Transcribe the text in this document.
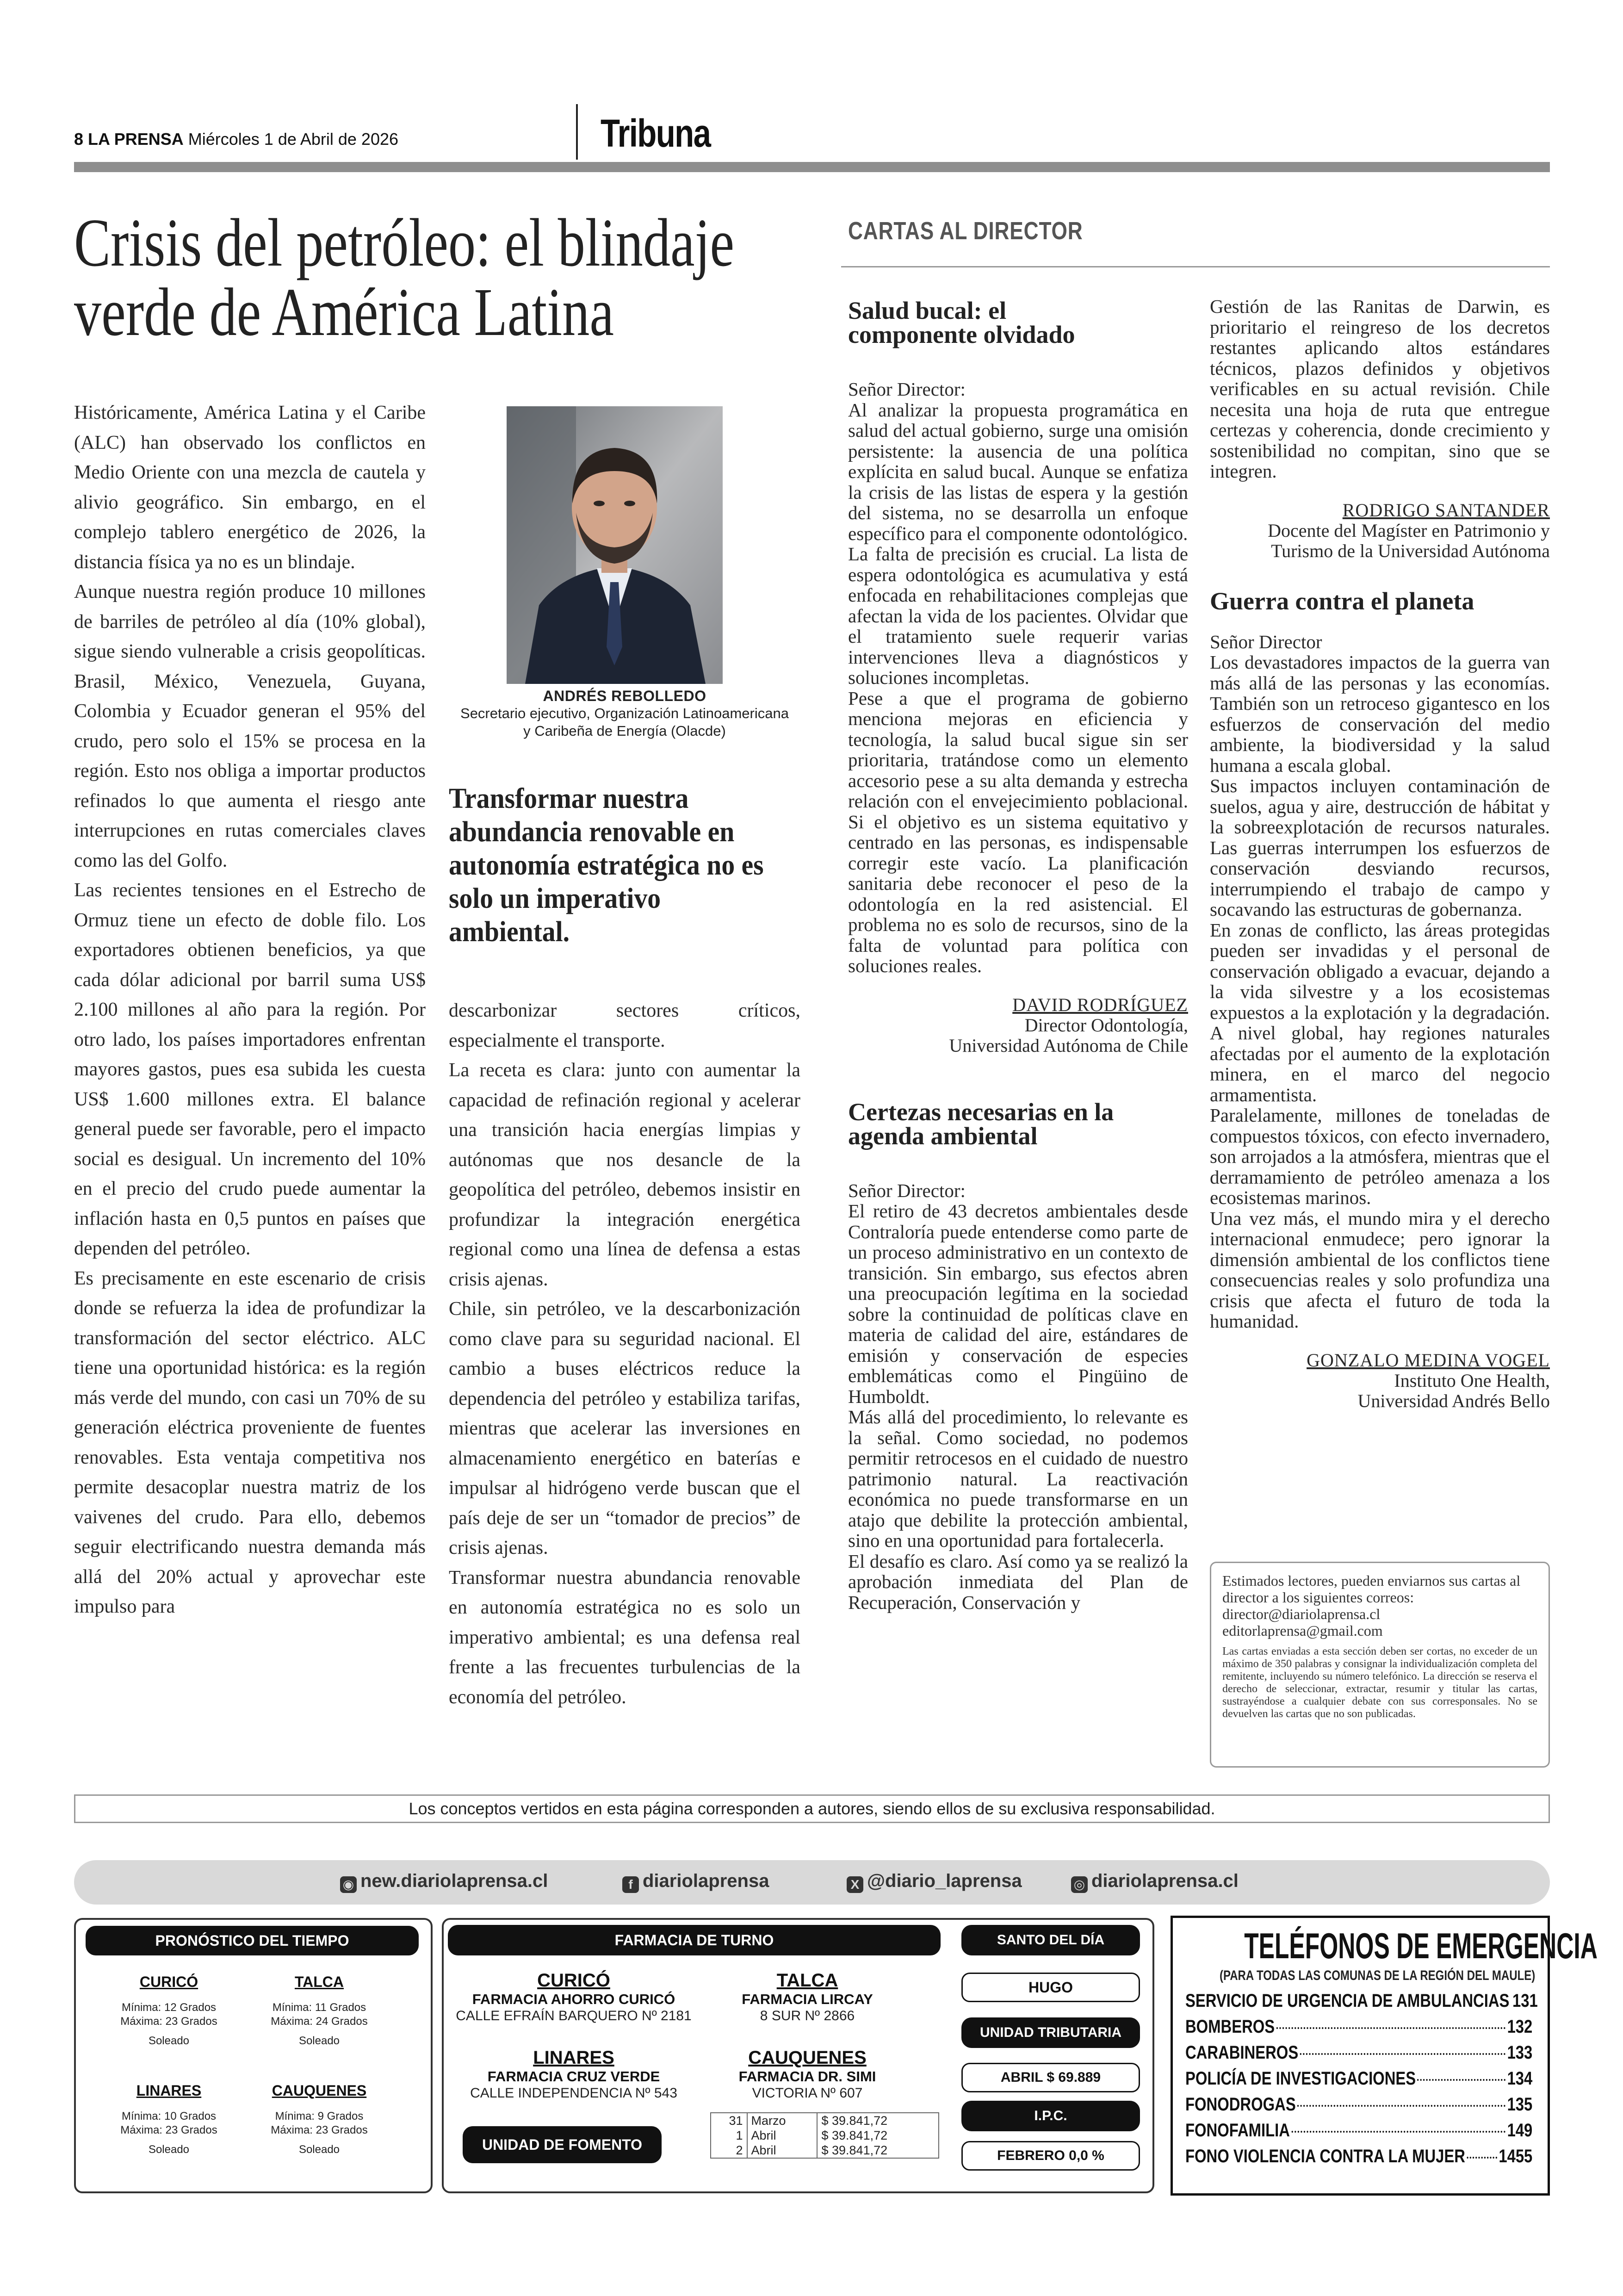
8 LA PRENSA Miércoles 1 de Abril de 2026	Tribuna
Crisis del petróleo: el blindaje
verde de América Latina

Históricamente, América Latina y el Caribe (ALC) han observado los conflictos en Medio Oriente con una mezcla de cautela y alivio geográfico. Sin embargo, en el complejo tablero energético de 2026, la distancia física ya no es un blindaje.

Aunque nuestra región produce 10 millones de barriles de petróleo al día (10% global), sigue siendo vulnerable a crisis geopolíticas. Brasil, México, Venezuela, Guyana, Colombia y Ecuador generan el 95% del crudo, pero solo el 15% se procesa en la región. Esto nos obliga a importar productos refinados lo que aumenta el riesgo ante interrupciones en rutas comerciales claves como las del Golfo.

Las recientes tensiones en el Estrecho de Ormuz tiene un efecto de doble filo. Los exportadores obtienen beneficios, ya que cada dólar adicional por barril suma US$ 2.100 millones al año para la región. Por otro lado, los países importadores enfrentan mayores gastos, pues esa subida les cuesta US$ 1.600 millones extra. El balance general puede ser favorable, pero el impacto social es desigual. Un incremento del 10% en el precio del crudo puede aumentar la inflación hasta en 0,5 puntos en países que dependen del petróleo.

Es precisamente en este escenario de crisis donde se refuerza la idea de profundizar la transformación del sector eléctrico. ALC tiene una oportunidad histórica: es la región más verde del mundo, con casi un 70% de su generación eléctrica proveniente de fuentes renovables. Esta ventaja competitiva nos permite desacoplar nuestra matriz de los vaivenes del crudo. Para ello, debemos seguir electrificando nuestra demanda más allá del 20% actual y aprovechar este impulso para

ANDRÉS REBOLLEDO
Secretario ejecutivo, Organización Latinoamericana
y Caribeña de Energía (Olacde)
Transformar nuestra abundancia renovable en autonomía estratégica no es solo un imperativo ambiental.

descarbonizar sectores críticos, especialmente el transporte.

La receta es clara: junto con aumentar la capacidad de refinación regional y acelerar una transición hacia energías limpias y autónomas que nos desancle de la geopolítica del petróleo, debemos insistir en profundizar la integración energética regional como una línea de defensa a estas crisis ajenas.

Chile, sin petróleo, ve la descarbonización como clave para su seguridad nacional. El cambio a buses eléctricos reduce la dependencia del petróleo y estabiliza tarifas, mientras que acelerar las inversiones en almacenamiento energético en baterías e impulsar al hidrógeno verde buscan que el país deje de ser un “tomador de precios” de crisis ajenas.

Transformar nuestra abundancia renovable en autonomía estratégica no es solo un imperativo ambiental; es una defensa real frente a las frecuentes turbulencias de la economía del petróleo.

CARTAS AL DIRECTOR
Salud bucal: el componente olvidado

Señor Director:

Al analizar la propuesta programática en salud del actual gobierno, surge una omisión persistente: la ausencia de una política explícita en salud bucal. Aunque se enfatiza la crisis de las listas de espera y la gestión del sistema, no se desarrolla un enfoque específico para el componente odontológico.

La falta de precisión es crucial. La lista de espera odontológica es acumulativa y está enfocada en rehabilitaciones complejas que afectan la vida de los pacientes. Olvidar que el tratamiento suele requerir varias intervenciones lleva a diagnósticos y soluciones incompletas.

Pese a que el programa de gobierno menciona mejoras en eficiencia y tecnología, la salud bucal sigue sin ser prioritaria, tratándose como un elemento accesorio pese a su alta demanda y estrecha relación con el envejecimiento poblacional. Si el objetivo es un sistema equitativo y centrado en las personas, es indispensable corregir este vacío. La planificación sanitaria debe reconocer el peso de la odontología en la red asistencial. El problema no es solo de recursos, sino de la falta de voluntad para política con soluciones reales.

DAVID RODRÍGUEZ
Director Odontología,
Universidad Autónoma de Chile
Certezas necesarias en la agenda ambiental

Señor Director:

El retiro de 43 decretos ambientales desde Contraloría puede entenderse como parte de un proceso administrativo en un contexto de transición. Sin embargo, sus efectos abren una preocupación legítima en la sociedad sobre la continuidad de políticas clave en materia de calidad del aire, estándares de emisión y conservación de especies emblemáticas como el Pingüino de Humboldt.

Más allá del procedimiento, lo relevante es la señal. Como sociedad, no podemos permitir retrocesos en el cuidado de nuestro patrimonio natural. La reactivación económica no puede transformarse en un atajo que debilite la protección ambiental, sino en una oportunidad para fortalecerla.

El desafío es claro. Así como ya se realizó la aprobación inmediata del Plan de Recuperación, Conservación y

Gestión de las Ranitas de Darwin, es prioritario el reingreso de los decretos restantes aplicando altos estándares técnicos, plazos definidos y objetivos verificables en su actual revisión. Chile necesita una hoja de ruta que entregue certezas y coherencia, donde crecimiento y sostenibilidad no compitan, sino que se integren.

RODRIGO SANTANDER
Docente del Magíster en Patrimonio y
Turismo de la Universidad Autónoma
Guerra contra el planeta

Señor Director

Los devastadores impactos de la guerra van más allá de las personas y las economías. También son un retroceso gigantesco en los esfuerzos de conservación del medio ambiente, la biodiversidad y la salud humana a escala global.

Sus impactos incluyen contaminación de suelos, agua y aire, destrucción de hábitat y la sobreexplotación de recursos naturales. Las guerras interrumpen los esfuerzos de conservación desviando recursos, interrumpiendo el trabajo de campo y socavando las estructuras de gobernanza.

En zonas de conflicto, las áreas protegidas pueden ser invadidas y el personal de conservación obligado a evacuar, dejando a la vida silvestre y a los ecosistemas expuestos a la explotación y la degradación. A nivel global, hay regiones naturales afectadas por el aumento de la explotación minera, en el marco del negocio armamentista.

Paralelamente, millones de toneladas de compuestos tóxicos, con efecto invernadero, son arrojados a la atmósfera, mientras que el derramamiento de petróleo amenaza a los ecosistemas marinos.

Una vez más, el mundo mira y el derecho internacional enmudece; pero ignorar la dimensión ambiental de los conflictos tiene consecuencias reales y solo profundiza una crisis que afecta el futuro de toda la humanidad.

GONZALO MEDINA VOGEL
Instituto One Health,
Universidad Andrés Bello
Estimados lectores, pueden enviarnos sus cartas al director a los siguientes correos:
director@diariolaprensa.cl
editorlaprensa@gmail.com
Las cartas enviadas a esta sección deben ser cortas, no exceder de un máximo de 350 palabras y consignar la individualización completa del remitente, incluyendo su número telefónico. La dirección se reserva el derecho de seleccionar, extractar, resumir y titular las cartas, sustrayéndose a cualquier debate con sus corresponsales. No se devuelven las cartas que no son publicadas.
Los conceptos vertidos en esta página corresponden a autores, siendo ellos de su exclusiva responsabilidad.
◉ new.diariolaprensa.cl	f diariolaprensa	X @diario_laprensa	◎ diariolaprensa.cl
PRONÓSTICO DEL TIEMPO
CURICÓ
Mínima: 12 Grados
Máxima: 23 Grados
Soleado
TALCA
Mínima: 11 Grados
Máxima: 24 Grados
Soleado
LINARES
Mínima: 10 Grados
Máxima: 23 Grados
Soleado
CAUQUENES
Mínima: 9 Grados
Máxima: 23 Grados
Soleado
FARMACIA DE TURNO
CURICÓ
FARMACIA AHORRO CURICÓ
CALLE EFRAÍN BARQUERO Nº 2181
TALCA
FARMACIA LIRCAY
8 SUR Nº 2866
LINARES
FARMACIA CRUZ VERDE
CALLE INDEPENDENCIA Nº 543
CAUQUENES
FARMACIA DR. SIMI
VICTORIA Nº 607
UNIDAD DE FOMENTO
31	Marzo	$ 39.841,72
1	Abril	$ 39.841,72
2	Abril	$ 39.841,72
SANTO DEL DÍA
HUGO
UNIDAD TRIBUTARIA
ABRIL $ 69.889
I.P.C.
FEBRERO 0,0 %
TELÉFONOS DE EMERGENCIA
(PARA TODAS LAS COMUNAS DE LA REGIÓN DEL MAULE)
SERVICIO DE URGENCIA DE AMBULANCIAS 131
BOMBEROS	132
CARABINEROS	133
POLICÍA DE INVESTIGACIONES	134
FONODROGAS	135
FONOFAMILIA	149
FONO VIOLENCIA CONTRA LA MUJER 1455
